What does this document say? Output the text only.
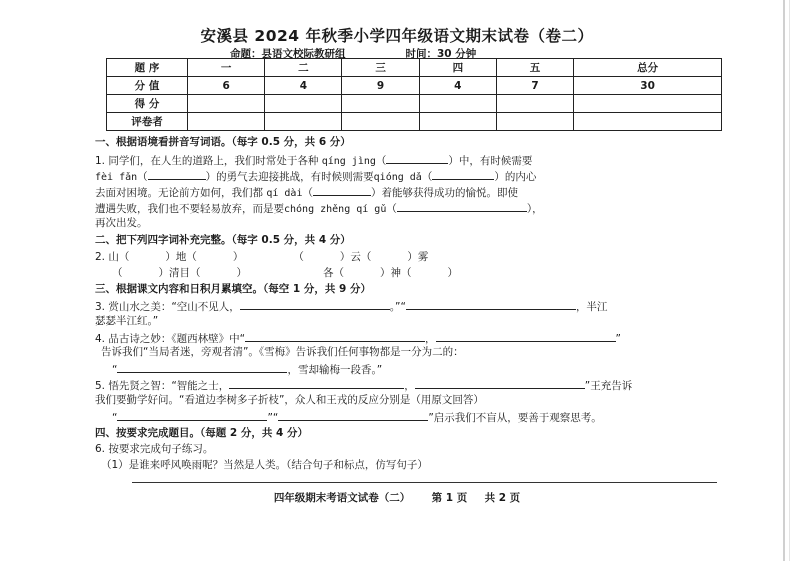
安溪县 2024 年秋季小学四年级语文期末试卷（卷二）
命题：县语文校际教研组	时间：30 分钟
题 序	一	二	三	四	五	总分
分 值	6	4	9	4	7	30
得 分						
评卷者						
一、根据语境看拼音写词语。（每字 0.5 分，共 6 分）
1. 同学们，在人生的道路上，我们时常处于各种 qíng jìng（	）中，有时候需要
fèi fǎn（	）的勇气去迎接挑战，有时候则需要qióng dǎ（	）的内心
去面对困境。无论前方如何，我们都 qí dài（	）着能够获得成功的愉悦。即使
遭遇失败，我们也不要轻易放弃，而是要chóng zhěng qí gǔ（	），
再次出发。
二、把下列四字词补充完整。（每字 0.5 分，共 4 分）
2. 山（	）地（	）	（	）云（	）雾
（	）清目（	）	各（	）神（	）
三、根据课文内容和日积月累填空。（每空 1 分，共 9 分）
3. 赏山水之美：“空山不见人，	。”“	，半江
瑟瑟半江红。”
4. 品古诗之妙：《题西林壁》中“	，	”
告诉我们“当局者迷，旁观者清”。《雪梅》告诉我们任何事物都是一分为二的：
“	，雪却输梅一段香。”
5. 悟先贤之智：“智能之士，	，	”王充告诉
我们要勤学好问。“看道边李树多子折枝”，众人和王戎的反应分别是（用原文回答）
“	”“	”启示我们不盲从，要善于观察思考。
四、按要求完成题目。（每题 2 分，共 4 分）
6. 按要求完成句子练习。
（1）是谁来呼风唤雨呢？当然是人类。（结合句子和标点，仿写句子）
四年级期末考语文试卷（二） 第 1 页 共 2 页
